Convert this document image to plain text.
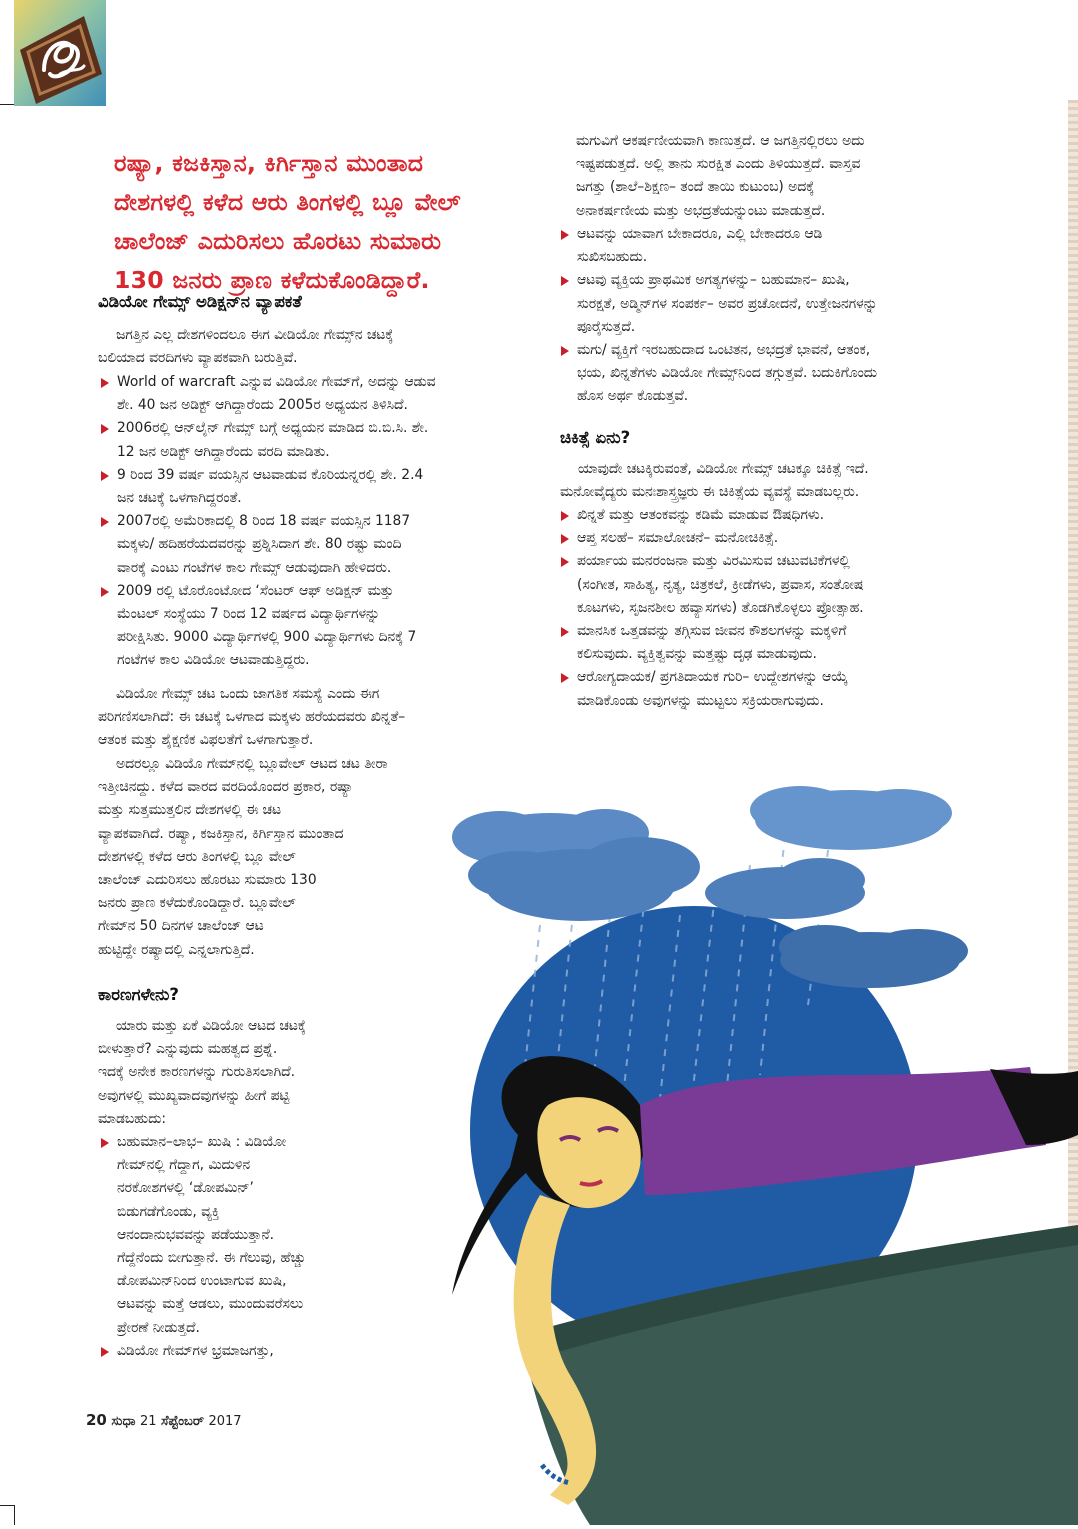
ರಷ್ಯಾ, ಕಜಕಿಸ್ತಾನ, ಕಿರ್ಗಿಸ್ತಾನ ಮುಂತಾದ
ದೇಶಗಳಲ್ಲಿ ಕಳೆದ ಆರು ತಿಂಗಳಲ್ಲಿ ಬ್ಲೂ ವೇಲ್
ಚಾಲೆಂಜ್ ಎದುರಿಸಲು ಹೊರಟು ಸುಮಾರು
130 ಜನರು ಪ್ರಾಣ ಕಳೆದುಕೊಂಡಿದ್ದಾರೆ.
ವಿಡಿಯೋ ಗೇಮ್ಸ್ ಅಡಿಕ್ಷನ್‌ನ ವ್ಯಾಪಕತೆ
ಜಗತ್ತಿನ ಎಲ್ಲ ದೇಶಗಳಿಂದಲೂ ಈಗ ವೀಡಿಯೋ ಗೇಮ್ಸ್‌ನ ಚಟಕ್ಕೆ
ಬಲಿಯಾದ ವರದಿಗಳು ವ್ಯಾಪಕವಾಗಿ ಬರುತ್ತಿವೆ.
World of warcraft ಎನ್ನುವ ವಿಡಿಯೋ ಗೇಮ್‌ಗೆ, ಅದನ್ನು ಆಡುವ
ಶೇ. 40 ಜನ ಅಡಿಕ್ಟ್ ಆಗಿದ್ದಾರೆಂದು 2005ರ ಅಧ್ಯಯನ ತಿಳಿಸಿದೆ.
2006ರಲ್ಲಿ ಆನ್‌ಲೈನ್ ಗೇಮ್ಸ್ ಬಗ್ಗೆ ಅಧ್ಯಯನ ಮಾಡಿದ ಬಿ.ಬಿ.ಸಿ. ಶೇ.
12 ಜನ ಅಡಿಕ್ಟ್ ಆಗಿದ್ದಾರೆಂದು ವರದಿ ಮಾಡಿತು.
9 ರಿಂದ 39 ವರ್ಷ ವಯಸ್ಸಿನ ಆಟವಾಡುವ ಕೊರಿಯನ್ನರಲ್ಲಿ ಶೇ. 2.4
ಜನ ಚಟಕ್ಕೆ ಒಳಗಾಗಿದ್ದರಂತೆ.
2007ರಲ್ಲಿ ಅಮೆರಿಕಾದಲ್ಲಿ 8 ರಿಂದ 18 ವರ್ಷ ವಯಸ್ಸಿನ 1187
ಮಕ್ಕಳು/ ಹದಿಹರೆಯದವರನ್ನು ಪ್ರಶ್ನಿಸಿದಾಗ ಶೇ. 80 ರಷ್ಟು ಮಂದಿ
ವಾರಕ್ಕೆ ಎಂಟು ಗಂಟೆಗಳ ಕಾಲ ಗೇಮ್ಸ್ ಆಡುವುದಾಗಿ ಹೇಳಿದರು.
2009 ರಲ್ಲಿ ಟೊರೊಂಟೋದ ‘ಸೆಂಟರ್ ಆಫ್ ಅಡಿಕ್ಷನ್ ಮತ್ತು
ಮೆಂಟಲ್ ಸಂಸ್ಥೆಯು 7 ರಿಂದ 12 ವರ್ಷದ ವಿದ್ಯಾರ್ಥಿಗಳನ್ನು
ಪರೀಕ್ಷಿಸಿತು. 9000 ವಿದ್ಯಾರ್ಥಿಗಳಲ್ಲಿ 900 ವಿದ್ಯಾರ್ಥಿಗಳು ದಿನಕ್ಕೆ 7
ಗಂಟೆಗಳ ಕಾಲ ವಿಡಿಯೋ ಆಟವಾಡುತ್ತಿದ್ದರು.
ವಿಡಿಯೋ ಗೇಮ್ಸ್ ಚಟ ಒಂದು ಜಾಗತಿಕ ಸಮಸ್ಯೆ ಎಂದು ಈಗ
ಪರಿಗಣಿಸಲಾಗಿದೆ: ಈ ಚಟಕ್ಕೆ ಒಳಗಾದ ಮಕ್ಕಳು ಹರೆಯದವರು ಖಿನ್ನತೆ–
ಆತಂಕ ಮತ್ತು ಶೈಕ್ಷಣಿಕ ವಿಫಲತೆಗೆ ಒಳಗಾಗುತ್ತಾರೆ.
ಅದರಲ್ಲೂ ವಿಡಿಯೊ ಗೇಮ್‌ನಲ್ಲಿ ಬ್ಲೂವೇಲ್ ಆಟದ ಚಟ ತೀರಾ
ಇತ್ತೀಚಿನದ್ದು. ಕಳೆದ ವಾರದ ವರದಿಯೊಂದರ ಪ್ರಕಾರ, ರಷ್ಯಾ
ಮತ್ತು ಸುತ್ತಮುತ್ತಲಿನ ದೇಶಗಳಲ್ಲಿ ಈ ಚಟ
ವ್ಯಾಪಕವಾಗಿದೆ. ರಷ್ಯಾ, ಕಜಕಿಸ್ತಾನ, ಕಿರ್ಗಿಸ್ತಾನ ಮುಂತಾದ
ದೇಶಗಳಲ್ಲಿ ಕಳೆದ ಆರು ತಿಂಗಳಲ್ಲಿ ಬ್ಲೂ ವೇಲ್
ಚಾಲೆಂಜ್ ಎದುರಿಸಲು ಹೊರಟು ಸುಮಾರು 130
ಜನರು ಪ್ರಾಣ ಕಳೆದುಕೊಂಡಿದ್ದಾರೆ. ಬ್ಲೂವೇಲ್
ಗೇಮ್‌ನ 50 ದಿನಗಳ ಚಾಲೆಂಜ್ ಆಟ
ಹುಟ್ಟಿದ್ದೇ ರಷ್ಯಾದಲ್ಲಿ ಎನ್ನಲಾಗುತ್ತಿದೆ.
ಕಾರಣಗಳೇನು?
ಯಾರು ಮತ್ತು ಏಕೆ ವಿಡಿಯೋ ಆಟದ ಚಟಕ್ಕೆ
ಬೀಳುತ್ತಾರೆ? ಎನ್ನುವುದು ಮಹತ್ವದ ಪ್ರಶ್ನೆ.
ಇದಕ್ಕೆ ಅನೇಕ ಕಾರಣಗಳನ್ನು ಗುರುತಿಸಲಾಗಿದೆ.
ಅವುಗಳಲ್ಲಿ ಮುಖ್ಯವಾದವುಗಳನ್ನು ಹೀಗೆ ಪಟ್ಟಿ
ಮಾಡಬಹುದು:
ಬಹುಮಾನ–ಲಾಭ– ಖುಷಿ : ವಿಡಿಯೋ
ಗೇಮ್‌ನಲ್ಲಿ ಗೆದ್ದಾಗ, ಮಿದುಳಿನ
ನರಕೋಶಗಳಲ್ಲಿ ‘ಡೋಪಮಿನ್’
ಬಿಡುಗಡೆಗೊಂಡು, ವ್ಯಕ್ತಿ
ಆನಂದಾನುಭವವನ್ನು ಪಡೆಯುತ್ತಾನೆ.
ಗೆದ್ದೆನೆಂದು ಬೀಗುತ್ತಾನೆ. ಈ ಗೆಲುವು, ಹೆಚ್ಚು
ಡೋಪಮಿನ್‌ನಿಂದ ಉಂಟಾಗುವ ಖುಷಿ,
ಆಟವನ್ನು ಮತ್ತೆ ಆಡಲು, ಮುಂದುವರೆಸಲು
ಪ್ರೇರಣೆ ನೀಡುತ್ತದೆ.
ವಿಡಿಯೋ ಗೇಮ್‌ಗಳ ಭ್ರಮಾಜಗತ್ತು,
ಮಗುವಿಗೆ ಆಕರ್ಷಣೀಯವಾಗಿ ಕಾಣುತ್ತದೆ. ಆ ಜಗತ್ತಿನಲ್ಲಿರಲು ಅದು
ಇಷ್ಟಪಡುತ್ತದೆ. ಅಲ್ಲಿ ತಾನು ಸುರಕ್ಷಿತ ಎಂದು ತಿಳಿಯುತ್ತದೆ. ವಾಸ್ತವ
ಜಗತ್ತು (ಶಾಲೆ–ಶಿಕ್ಷಣ– ತಂದೆ ತಾಯಿ ಕುಟುಂಬ) ಅದಕ್ಕೆ
ಅನಾಕರ್ಷಣೀಯ ಮತ್ತು ಅಭದ್ರತೆಯನ್ನುಂಟು ಮಾಡುತ್ತದೆ.
ಆಟವನ್ನು ಯಾವಾಗ ಬೇಕಾದರೂ, ಎಲ್ಲಿ ಬೇಕಾದರೂ ಆಡಿ
ಸುಖಿಸಬಹುದು.
ಆಟವು ವ್ಯಕ್ತಿಯ ಪ್ರಾಥಮಿಕ ಅಗತ್ಯಗಳನ್ನು– ಬಹುಮಾನ– ಖುಷಿ,
ಸುರಕ್ಷತೆ, ಅಡ್ಮಿನ್‌ಗಳ ಸಂಪರ್ಕ– ಅವರ ಪ್ರಚೋದನೆ, ಉತ್ತೇಜನಗಳನ್ನು
ಪೂರೈಸುತ್ತದೆ.
ಮಗು/ ವ್ಯಕ್ತಿಗೆ ಇರಬಹುದಾದ ಒಂಟಿತನ, ಅಭದ್ರತೆ ಭಾವನೆ, ಆತಂಕ,
ಭಯ, ಖಿನ್ನತೆಗಳು ವಿಡಿಯೋ ಗೇಮ್ಸ್‌ನಿಂದ ತಗ್ಗುತ್ತವೆ. ಬದುಕಿಗೊಂದು
ಹೊಸ ಅರ್ಥ ಕೊಡುತ್ತವೆ.
ಚಿಕಿತ್ಸೆ ಏನು?
ಯಾವುದೇ ಚಟಕ್ಕಿರುವಂತೆ, ವಿಡಿಯೋ ಗೇಮ್ಸ್ ಚಟಕ್ಕೂ ಚಿಕಿತ್ಸೆ ಇದೆ.
ಮನೋವೈದ್ಯರು ಮನಃಶಾಸ್ತ್ರಜ್ಞರು ಈ ಚಿಕಿತ್ಸೆಯ ವ್ಯವಸ್ಥೆ ಮಾಡಬಲ್ಲರು.
ಖಿನ್ನತೆ ಮತ್ತು ಆತಂಕವನ್ನು ಕಡಿಮೆ ಮಾಡುವ ಔಷಧಿಗಳು.
ಆಪ್ತ ಸಲಹೆ– ಸಮಾಲೋಚನೆ– ಮನೋಚಿಕಿತ್ಸೆ.
ಪರ್ಯಾಯ ಮನರಂಜನಾ ಮತ್ತು ವಿರಮಿಸುವ ಚಟುವಟಿಕೆಗಳಲ್ಲಿ
(ಸಂಗೀತ, ಸಾಹಿತ್ಯ, ನೃತ್ಯ, ಚಿತ್ರಕಲೆ, ಕ್ರೀಡೆಗಳು, ಪ್ರವಾಸ, ಸಂತೋಷ
ಕೂಟಗಳು, ಸೃಜನಶೀಲ ಹವ್ಯಾಸಗಳು) ತೊಡಗಿಕೊಳ್ಳಲು ಪ್ರೋತ್ಸಾಹ.
ಮಾನಸಿಕ ಒತ್ತಡವನ್ನು ತಗ್ಗಿಸುವ ಜೀವನ ಕೌಶಲಗಳನ್ನು ಮಕ್ಕಳಿಗೆ
ಕಲಿಸುವುದು. ವ್ಯಕ್ತಿತ್ವವನ್ನು ಮತ್ತಷ್ಟು ದೃಢ ಮಾಡುವುದು.
ಆರೋಗ್ಯದಾಯಕ/ ಪ್ರಗತಿದಾಯಕ ಗುರಿ– ಉದ್ದೇಶಗಳನ್ನು ಆಯ್ಕೆ
ಮಾಡಿಕೊಂಡು ಅವುಗಳನ್ನು ಮುಟ್ಟಲು ಸಕ್ರಿಯರಾಗುವುದು.
20 ಸುಧಾ 21 ಸೆಪ್ಟೆಂಬರ್ 2017
